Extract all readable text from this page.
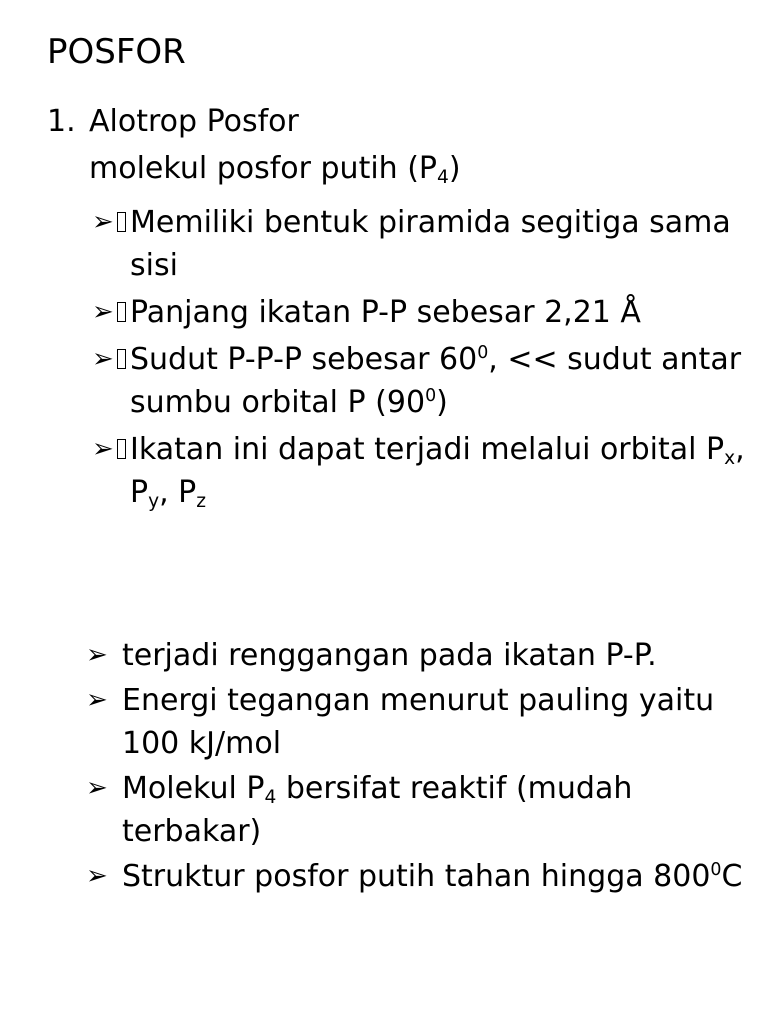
POSFOR
1. Alotrop Posfor
molekul posfor putih $(P_4)$
➢ Memiliki bentuk piramida segitiga sama sisi
➢ Panjang ikatan P-P sebesar 2,21 Å
➢ Sudut P-P-P sebesar $60^0$, << sudut antar sumbu orbital P $(90^0)$
➢ Ikatan ini dapat terjadi melalui orbital $P_x$, $P_y$, $P_z$
➢ terjadi renggangan pada ikatan P-P.
➢ Energi tegangan menurut pauling yaitu 100 kJ/mol
➢ Molekul $P_4$ bersifat reaktif (mudah terbakar)
➢ Struktur posfor putih tahan hingga $800^0C$
